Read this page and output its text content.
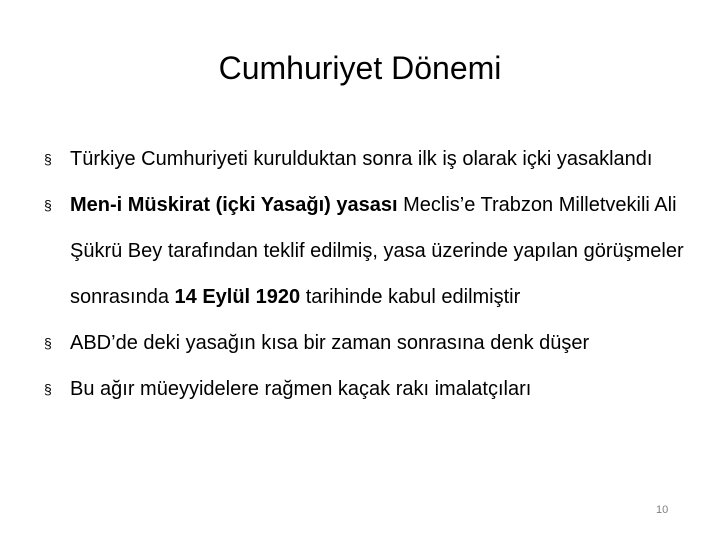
Cumhuriyet Dönemi
§ Türkiye Cumhuriyeti kurulduktan sonra ilk iş olarak içki yasaklandı
§ Men-i Müskirat (içki Yasağı) yasası Meclis’e Trabzon Milletvekili Ali Şükrü Bey tarafından teklif edilmiş, yasa üzerinde yapılan görüşmeler sonrasında 14 Eylül 1920 tarihinde kabul edilmiştir
§ ABD’de deki yasağın kısa bir zaman sonrasına denk düşer
§ Bu ağır müeyyidelere rağmen kaçak rakı imalatçıları
10
